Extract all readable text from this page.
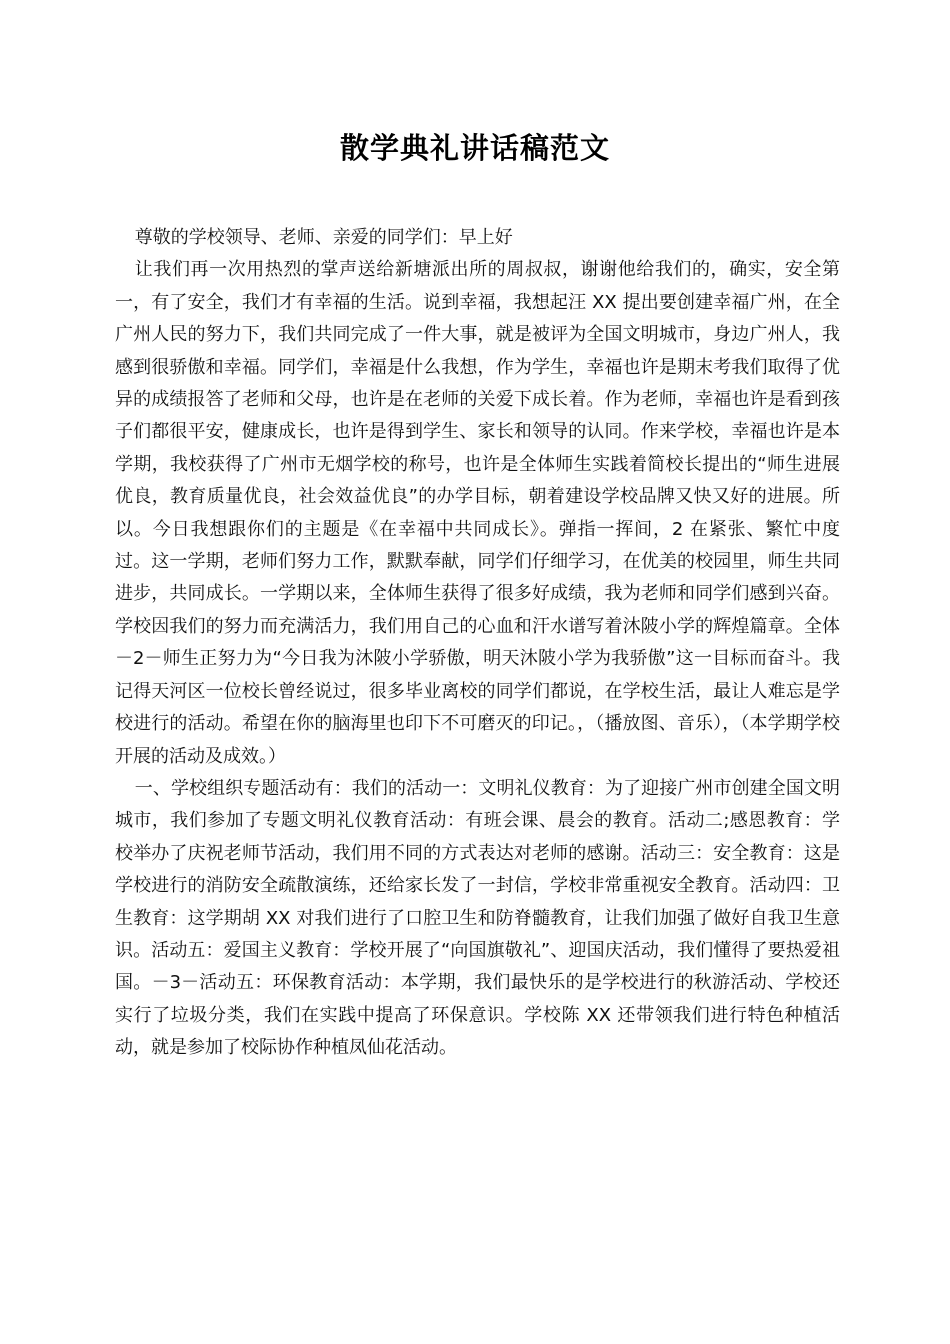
散学典礼讲话稿范文

尊敬的学校领导、老师、亲爱的同学们：早上好

让我们再一次用热烈的掌声送给新塘派出所的周叔叔，谢谢他给我们的，确实，安全第一，有了安全，我们才有幸福的生活。说到幸福，我想起汪 XX 提出要创建幸福广州，在全广州人民的努力下，我们共同完成了一件大事，就是被评为全国文明城市，身边广州人，我感到很骄傲和幸福。同学们，幸福是什么我想，作为学生，幸福也许是期末考我们取得了优异的成绩报答了老师和父母，也许是在老师的关爱下成长着。作为老师，幸福也许是看到孩子们都很平安，健康成长，也许是得到学生、家长和领导的认同。作来学校，幸福也许是本学期，我校获得了广州市无烟学校的称号，也许是全体师生实践着简校长提出的“师生进展优良，教育质量优良，社会效益优良”的办学目标，朝着建设学校品牌又快又好的进展。所以。今日我想跟你们的主题是《在幸福中共同成长》。弹指一挥间，2 在紧张、繁忙中度过。这一学期，老师们努力工作，默默奉献，同学们仔细学习，在优美的校园里，师生共同进步，共同成长。一学期以来，全体师生获得了很多好成绩，我为老师和同学们感到兴奋。学校因我们的努力而充满活力，我们用自己的心血和汗水谱写着沐陂小学的辉煌篇章。全体－2－师生正努力为“今日我为沐陂小学骄傲，明天沐陂小学为我骄傲”这一目标而奋斗。我记得天河区一位校长曾经说过，很多毕业离校的同学们都说，在学校生活，最让人难忘是学校进行的活动。希望在你的脑海里也印下不可磨灭的印记。，（播放图、音乐），（本学期学校开展的活动及成效。）

一、学校组织专题活动有：我们的活动一：文明礼仪教育：为了迎接广州市创建全国文明城市，我们参加了专题文明礼仪教育活动：有班会课、晨会的教育。活动二;感恩教育：学校举办了庆祝老师节活动，我们用不同的方式表达对老师的感谢。活动三：安全教育：这是学校进行的消防安全疏散演练，还给家长发了一封信，学校非常重视安全教育。活动四：卫生教育：这学期胡 XX 对我们进行了口腔卫生和防脊髓教育，让我们加强了做好自我卫生意识。活动五：爱国主义教育：学校开展了“向国旗敬礼”、迎国庆活动，我们懂得了要热爱祖国。－3－活动五：环保教育活动：本学期，我们最快乐的是学校进行的秋游活动、学校还实行了垃圾分类，我们在实践中提高了环保意识。学校陈 XX 还带领我们进行特色种植活动，就是参加了校际协作种植凤仙花活动。
